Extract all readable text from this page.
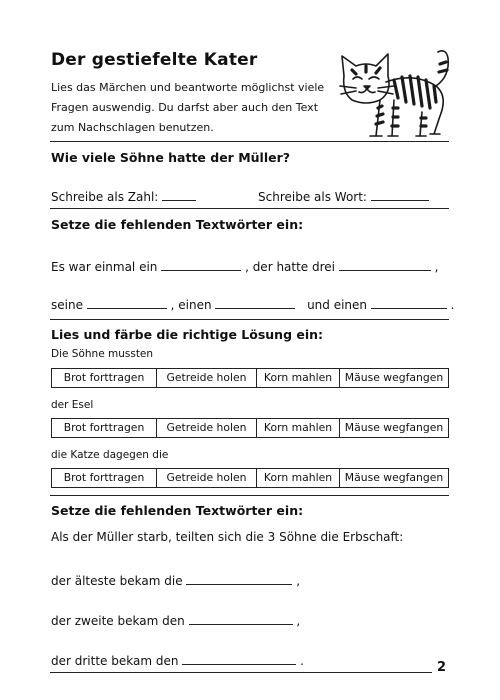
Der gestiefelte Kater
Lies das Märchen und beantworte möglichst viele
Fragen auswendig. Du darfst aber auch den Text
zum Nachschlagen benutzen.
Wie viele Söhne hatte der Müller?
Schreibe als Zahl:	Schreibe als Wort:
Setze die fehlenden Textwörter ein:
Es war einmal ein	, der hatte drei	,
seine	, einen	und einen	.
Lies und färbe die richtige Lösung ein:
Die Söhne mussten
Brot forttragen	Getreide holen	Korn mahlen	Mäuse wegfangen
der Esel
Brot forttragen	Getreide holen	Korn mahlen	Mäuse wegfangen
die Katze dagegen die
Brot forttragen	Getreide holen	Korn mahlen	Mäuse wegfangen
Setze die fehlenden Textwörter ein:
Als der Müller starb, teilten sich die 3 Söhne die Erbschaft:
der älteste bekam die	,
der zweite bekam den	,
der dritte bekam den	.	2
